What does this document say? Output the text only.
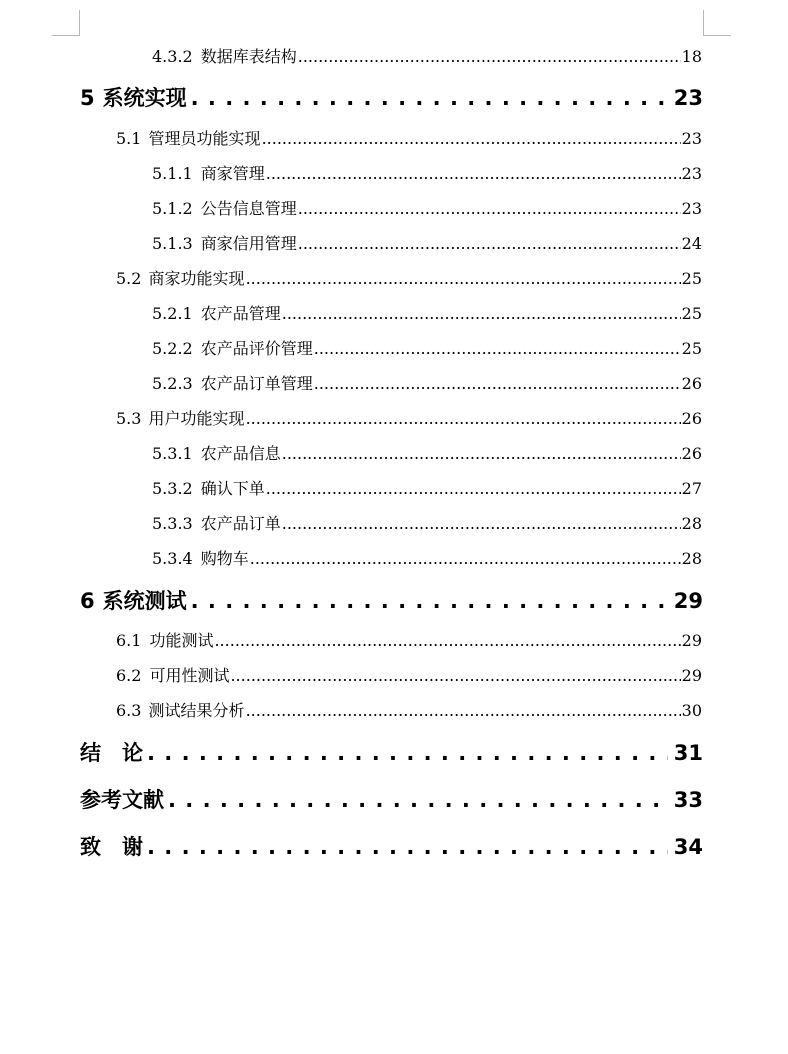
4.3.2 数据库表结构 .....	18
5 系统实现 . . .	23
5.1 管理员功能实现 .....	23
5.1.1 商家管理 .....	23
5.1.2 公告信息管理 .....	23
5.1.3 商家信用管理 .....	24
5.2 商家功能实现 .....	25
5.2.1 农产品管理 .....	25
5.2.2 农产品评价管理 .....	25
5.2.3 农产品订单管理 .....	26
5.3 用户功能实现 .....	26
5.3.1 农产品信息 .....	26
5.3.2 确认下单 .....	27
5.3.3 农产品订单 .....	28
5.3.4 购物车 .....	28
6 系统测试 . . .	29
6.1 功能测试 .....	29
6.2 可用性测试 .....	29
6.3 测试结果分析 .....	30
结　论 . . .	31
参考文献 . . .	33
致　谢 . . .	34
